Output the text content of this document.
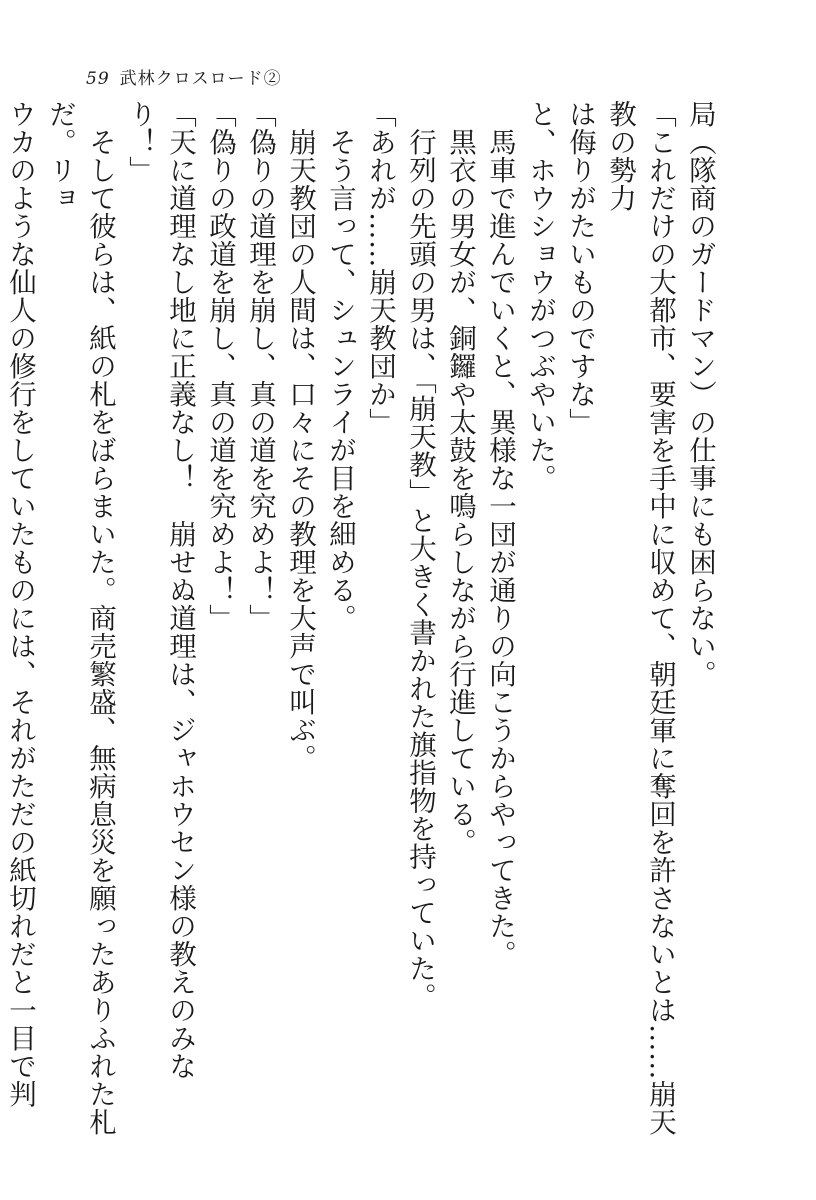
59 武林クロスロード②

局（隊商のガードマン）の仕事にも困らない。

「これだけの大都市、要害を手中に収めて、朝廷軍に奪回を許さないとは……崩天教の勢力

は侮りがたいものですな」

と、ホウショウがつぶやいた。

馬車で進んでいくと、異様な一団が通りの向こうからやってきた。

黒衣の男女が、銅鑼や太鼓を鳴らしながら行進している。

行列の先頭の男は、「崩天教」と大きく書かれた旗指物を持っていた。

「あれが……崩天教団か」

そう言って、シュンライが目を細める。

崩天教団の人間は、口々にその教理を大声で叫ぶ。

「偽りの道理を崩し、真の道を究めよ！」

「偽りの政道を崩し、真の道を究めよ！」

「天に道理なし地に正義なし！　崩せぬ道理は、ジャホウセン様の教えのみなり！」

そして彼らは、紙の札をばらまいた。商売繁盛、無病息災を願ったありふれた札だ。リョ

ウカのような仙人の修行をしていたものには、それがただの紙切れだと一目で判
